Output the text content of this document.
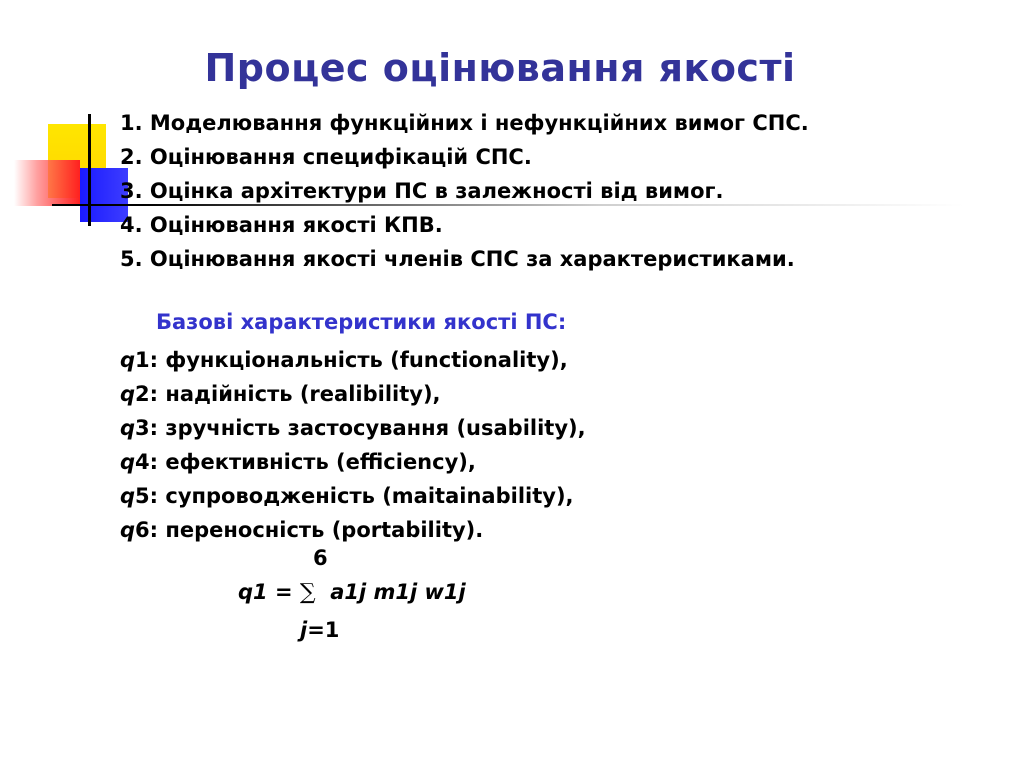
Процес оцінювання якості
1. Моделювання функційних і нефункційних вимог СПС.
2. Оцінювання специфікацій СПС.
3. Оцінка архітектури ПС в залежності від вимог.
4. Оцінювання якості КПВ.
5. Оцінювання якості членів СПС за характеристиками.
Базові характеристики якості ПС:
q1: функціональність (functionality),
q2: надійність (realibility),
q3: зручність застосування (usability),
q4: ефективність (efficiency),
q5: супроводженість (maitainability),
q6: переносність (portability).
6
q1 = ∑  a1j m1j w1j
j=1
